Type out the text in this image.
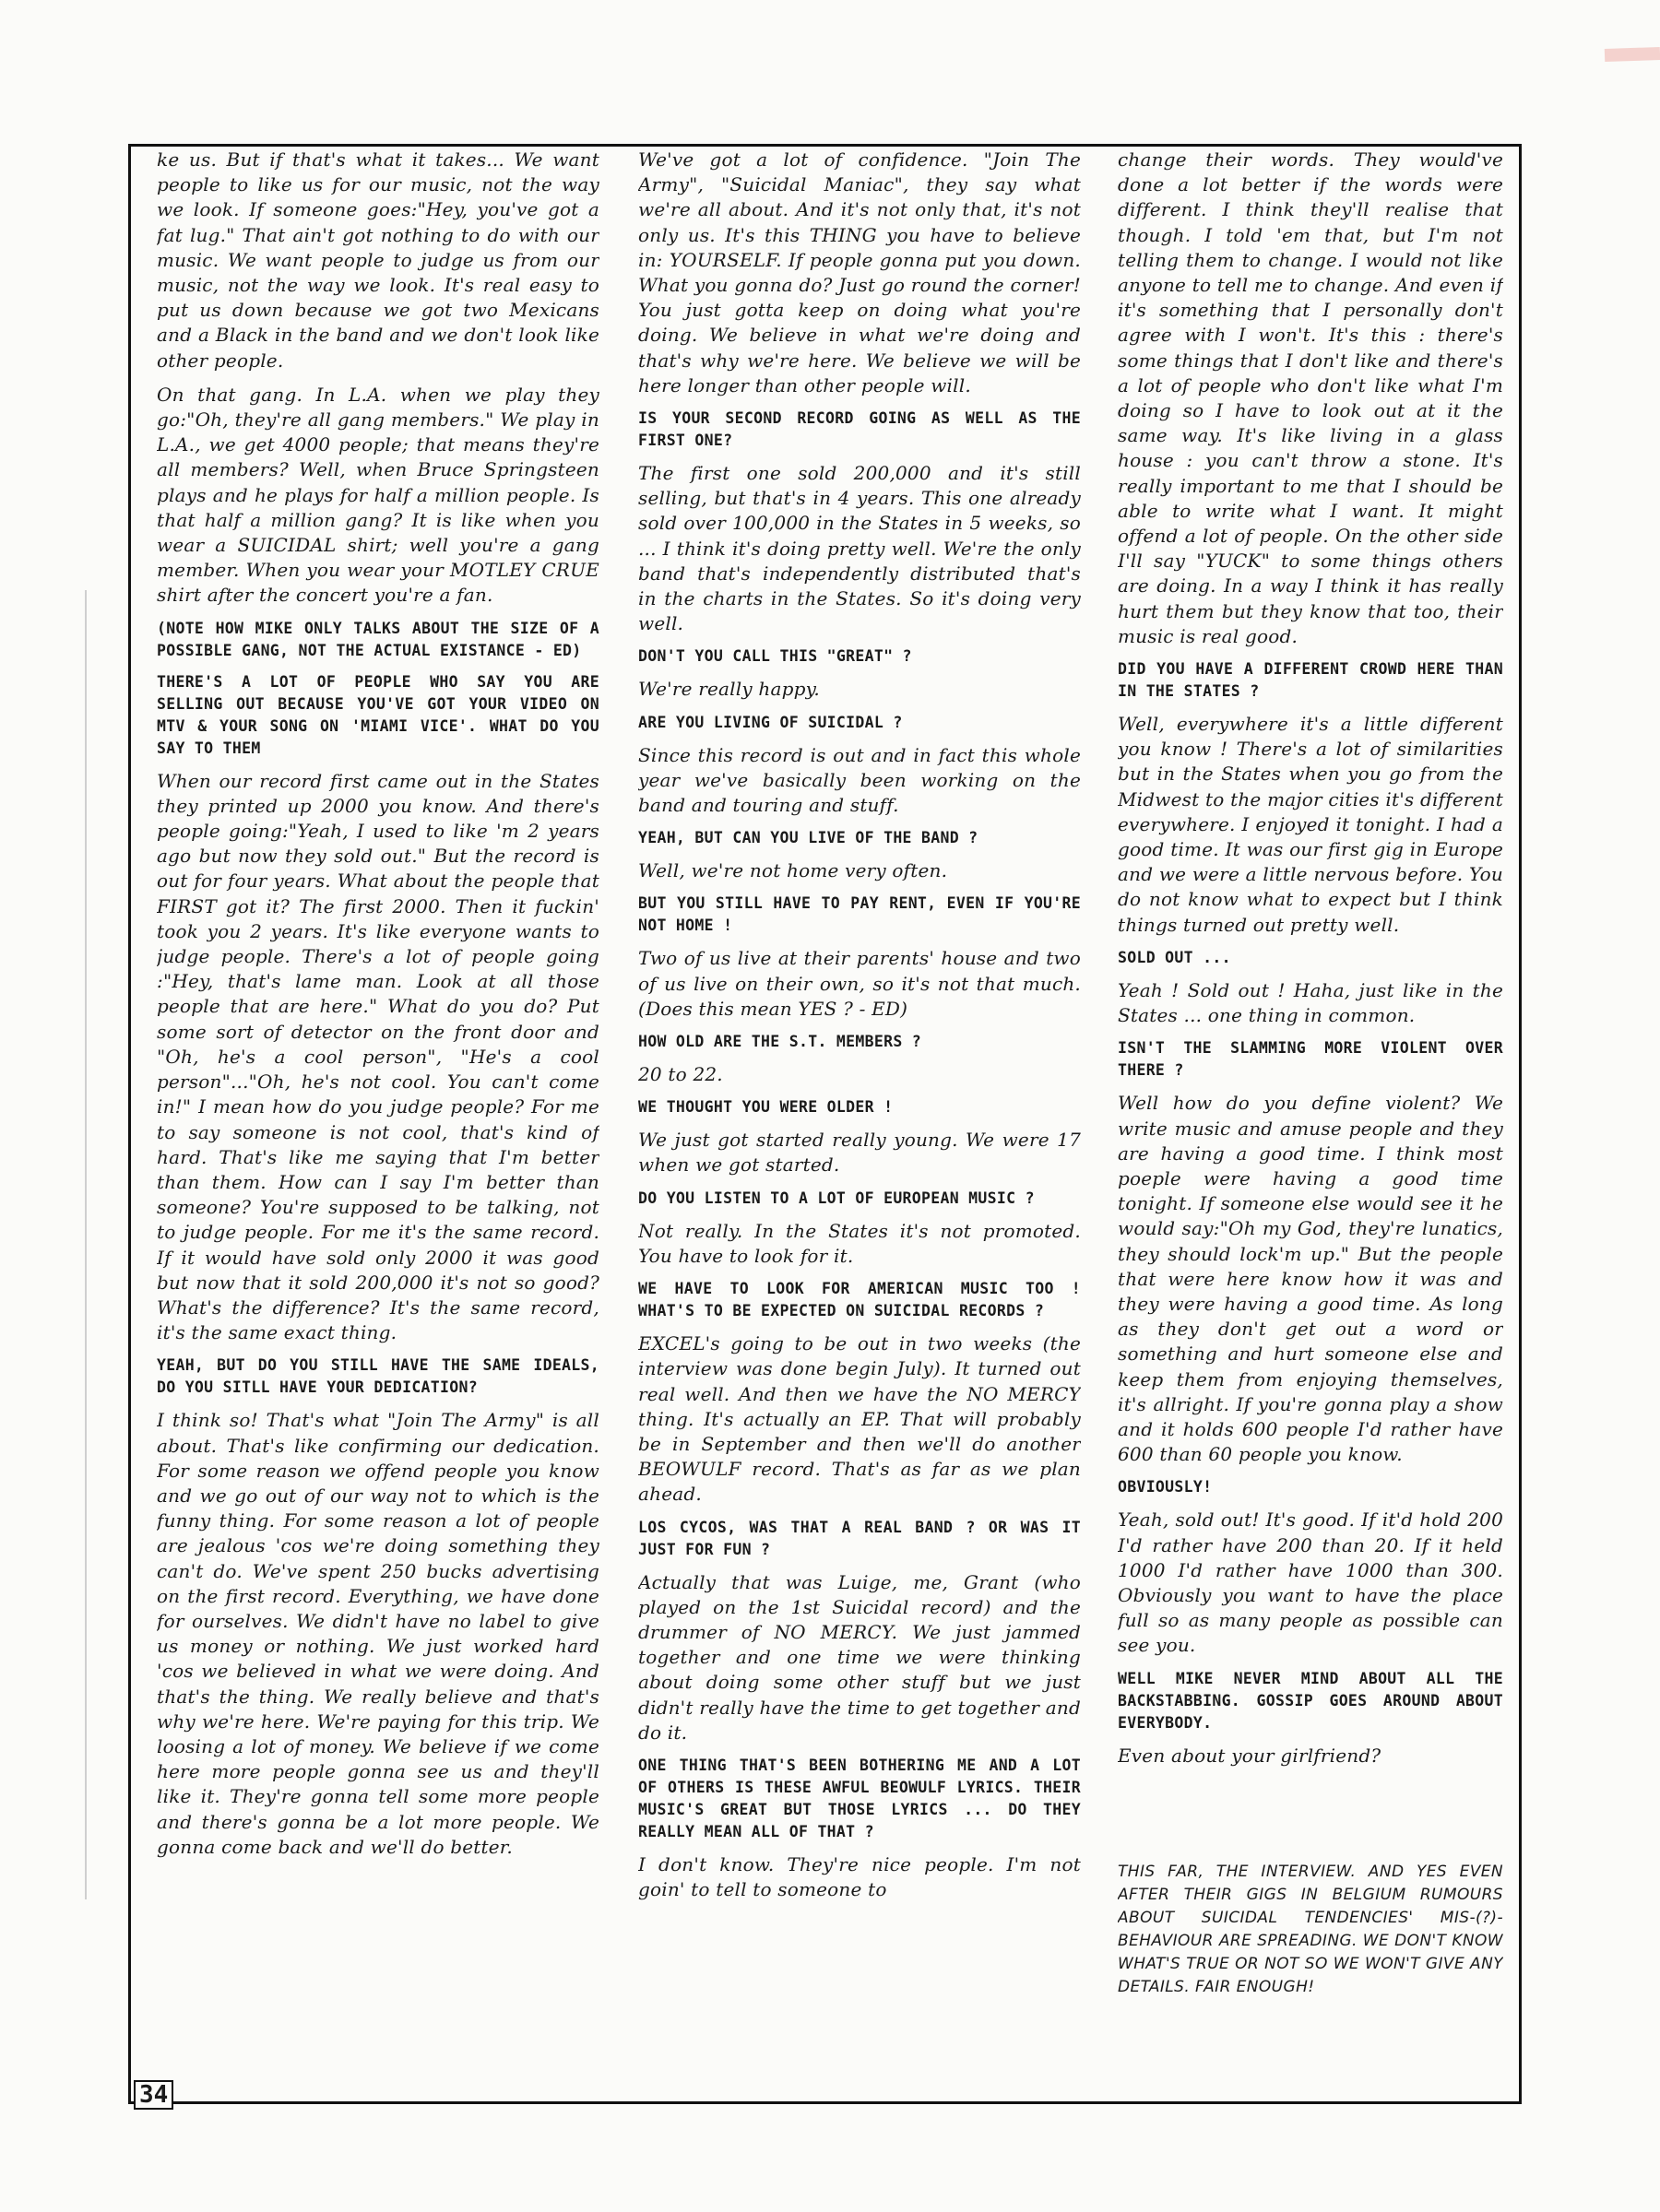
ke us. But if that's what it takes... We want people to like us for our music, not the way we look. If someone goes:"Hey, you've got a fat lug." That ain't got nothing to do with our music. We want people to judge us from our music, not the way we look. It's real easy to put us down because we got two Mexicans and a Black in the band and we don't look like other people.

On that gang. In L.A. when we play they go:"Oh, they're all gang members." We play in L.A., we get 4000 people; that means they're all members? Well, when Bruce Springsteen plays and he plays for half a million people. Is that half a million gang? It is like when you wear a SUICIDAL shirt; well you're a gang member. When you wear your MOTLEY CRUE shirt after the concert you're a fan.

(NOTE HOW MIKE ONLY TALKS ABOUT THE SIZE OF A POSSIBLE GANG, NOT THE ACTUAL EXISTANCE - ED)

THERE'S A LOT OF PEOPLE WHO SAY YOU ARE SELLING OUT BECAUSE YOU'VE GOT YOUR VIDEO ON MTV & YOUR SONG ON 'MIAMI VICE'. WHAT DO YOU SAY TO THEM

When our record first came out in the States they printed up 2000 you know. And there's people going:"Yeah, I used to like 'm 2 years ago but now they sold out." But the record is out for four years. What about the people that FIRST got it? The first 2000. Then it fuckin' took you 2 years. It's like everyone wants to judge people. There's a lot of people going :"Hey, that's lame man. Look at all those people that are here." What do you do? Put some sort of detector on the front door and "Oh, he's a cool person", "He's a cool person"..."Oh, he's not cool. You can't come in!" I mean how do you judge people? For me to say someone is not cool, that's kind of hard. That's like me saying that I'm better than them. How can I say I'm better than someone? You're supposed to be talking, not to judge people. For me it's the same record. If it would have sold only 2000 it was good but now that it sold 200,000 it's not so good? What's the difference? It's the same record, it's the same exact thing.

YEAH, BUT DO YOU STILL HAVE THE SAME IDEALS, DO YOU SITLL HAVE YOUR DEDICATION?

I think so! That's what "Join The Army" is all about. That's like confirming our dedication. For some reason we offend people you know and we go out of our way not to which is the funny thing. For some reason a lot of people are jealous 'cos we're doing something they can't do. We've spent 250 bucks advertising on the first record. Everything, we have done for ourselves. We didn't have no label to give us money or nothing. We just worked hard 'cos we believed in what we were doing. And that's the thing. We really believe and that's why we're here. We're paying for this trip. We loosing a lot of money. We believe if we come here more people gonna see us and they'll like it. They're gonna tell some more people and there's gonna be a lot more people. We gonna come back and we'll do better.

We've got a lot of confidence. "Join The Army", "Suicidal Maniac", they say what we're all about. And it's not only that, it's not only us. It's this THING you have to believe in: YOURSELF. If people gonna put you down. What you gonna do? Just go round the corner! You just gotta keep on doing what you're doing. We believe in what we're doing and that's why we're here. We believe we will be here longer than other people will.

IS YOUR SECOND RECORD GOING AS WELL AS THE FIRST ONE?

The first one sold 200,000 and it's still selling, but that's in 4 years. This one already sold over 100,000 in the States in 5 weeks, so ... I think it's doing pretty well. We're the only band that's independently distributed that's in the charts in the States. So it's doing very well.

DON'T YOU CALL THIS "GREAT" ?

We're really happy.

ARE YOU LIVING OF SUICIDAL ?

Since this record is out and in fact this whole year we've basically been working on the band and touring and stuff.

YEAH, BUT CAN YOU LIVE OF THE BAND ?

Well, we're not home very often.

BUT YOU STILL HAVE TO PAY RENT, EVEN IF YOU'RE NOT HOME !

Two of us live at their parents' house and two of us live on their own, so it's not that much. (Does this mean YES ? - ED)

HOW OLD ARE THE S.T. MEMBERS ?

20 to 22.

WE THOUGHT YOU WERE OLDER !

We just got started really young. We were 17 when we got started.

DO YOU LISTEN TO A LOT OF EUROPEAN MUSIC ?

Not really. In the States it's not promoted. You have to look for it.

WE HAVE TO LOOK FOR AMERICAN MUSIC TOO ! WHAT'S TO BE EXPECTED ON SUICIDAL RECORDS ?

EXCEL's going to be out in two weeks (the interview was done begin July). It turned out real well. And then we have the NO MERCY thing. It's actually an EP. That will probably be in September and then we'll do another BEOWULF record. That's as far as we plan ahead.

LOS CYCOS, WAS THAT A REAL BAND ? OR WAS IT JUST FOR FUN ?

Actually that was Luige, me, Grant (who played on the 1st Suicidal record) and the drummer of NO MERCY. We just jammed together and one time we were thinking about doing some other stuff but we just didn't really have the time to get together and do it.

ONE THING THAT'S BEEN BOTHERING ME AND A LOT OF OTHERS IS THESE AWFUL BEOWULF LYRICS. THEIR MUSIC'S GREAT BUT THOSE LYRICS ... DO THEY REALLY MEAN ALL OF THAT ?

I don't know. They're nice people. I'm not goin' to tell to someone to

change their words. They would've done a lot better if the words were different. I think they'll realise that though. I told 'em that, but I'm not telling them to change. I would not like anyone to tell me to change. And even if it's something that I personally don't agree with I won't. It's this : there's some things that I don't like and there's a lot of people who don't like what I'm doing so I have to look out at it the same way. It's like living in a glass house : you can't throw a stone. It's really important to me that I should be able to write what I want. It might offend a lot of people. On the other side I'll say "YUCK" to some things others are doing. In a way I think it has really hurt them but they know that too, their music is real good.

DID YOU HAVE A DIFFERENT CROWD HERE THAN IN THE STATES ?

Well, everywhere it's a little different you know ! There's a lot of similarities but in the States when you go from the Midwest to the major cities it's different everywhere. I enjoyed it tonight. I had a good time. It was our first gig in Europe and we were a little nervous before. You do not know what to expect but I think things turned out pretty well.

SOLD OUT ...

Yeah ! Sold out ! Haha, just like in the States ... one thing in common.

ISN'T THE SLAMMING MORE VIOLENT OVER THERE ?

Well how do you define violent? We write music and amuse people and they are having a good time. I think most poeple were having a good time tonight. If someone else would see it he would say:"Oh my God, they're lunatics, they should lock'm up." But the people that were here know how it was and they were having a good time. As long as they don't get out a word or something and hurt someone else and keep them from enjoying themselves, it's allright. If you're gonna play a show and it holds 600 people I'd rather have 600 than 60 people you know.

OBVIOUSLY!

Yeah, sold out! It's good. If it'd hold 200 I'd rather have 200 than 20. If it held 1000 I'd rather have 1000 than 300. Obviously you want to have the place full so as many people as possible can see you.

WELL MIKE NEVER MIND ABOUT ALL THE BACKSTABBING. GOSSIP GOES AROUND ABOUT EVERYBODY.

Even about your girlfriend?

THIS FAR, THE INTERVIEW. AND YES EVEN AFTER THEIR GIGS IN BELGIUM RUMOURS ABOUT SUICIDAL TENDENCIES' MIS-(?)-BEHAVIOUR ARE SPREADING. WE DON'T KNOW WHAT'S TRUE OR NOT SO WE WON'T GIVE ANY DETAILS. FAIR ENOUGH!

34
